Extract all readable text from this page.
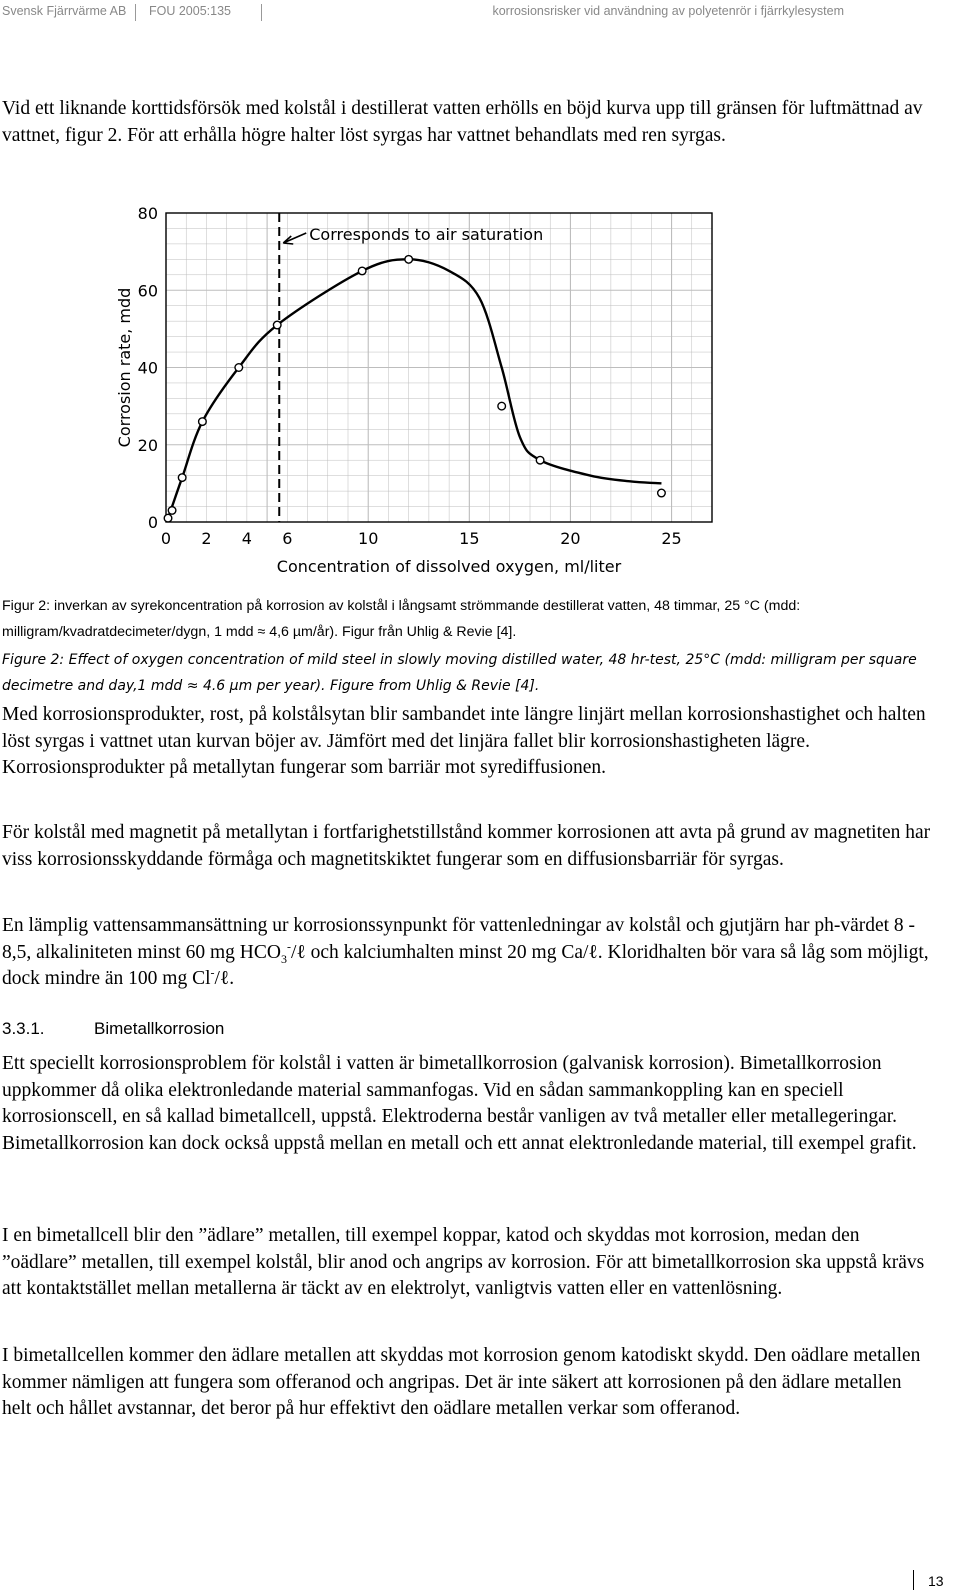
Svensk Fjärrvärme AB FOU 2005:135	korrosionsrisker vid användning av polyetenrör i fjärrkylesystem

Vid ett liknande korttidsförsök med kolstål i destillerat vatten erhölls en böjd kurva upp till gränsen för luftmättnad av vattnet, figur 2. För att erhålla högre halter löst syrgas har vattnet behandlats med ren syrgas.

Corresponds to air saturation
0
20
40
60
80
0 2 4 6	10	15	20	25
Concentration of dissolved oxygen, ml/liter
Corrosion rate, mdd
Figur 2: inverkan av syrekoncentration på korrosion av kolstål i långsamt strömmande destillerat vatten, 48 timmar, 25 °C (mdd: milligram/kvadratdecimeter/dygn, 1 mdd ≈ 4,6 µm/år). Figur från Uhlig & Revie [4].
Figure 2: Effect of oxygen concentration of mild steel in slowly moving distilled water, 48 hr-test, 25°C (mdd: milligram per square decimetre and day,1 mdd ≈ 4.6 µm per year). Figure from Uhlig & Revie [4].

Med korrosionsprodukter, rost, på kolstålsytan blir sambandet inte längre linjärt mellan korrosionshastighet och halten löst syrgas i vattnet utan kurvan böjer av. Jämfört med det linjära fallet blir korrosionshastigheten lägre. Korrosionsprodukter på metallytan fungerar som barriär mot syrediffusionen.

För kolstål med magnetit på metallytan i fortfarighetstillstånd kommer korrosionen att avta på grund av magnetiten har viss korrosionsskyddande förmåga och magnetitskiktet fungerar som en diffusionsbarriär för syrgas.

En lämplig vattensammansättning ur korrosionssynpunkt för vattenledningar av kolstål och gjutjärn har ph-värdet 8 - 8,5, alkaliniteten minst 60 mg $HCO_3^-/\ell$ och kalciumhalten minst 20 mg Ca/ℓ. Kloridhalten bör vara så låg som möjligt, dock mindre än 100 mg Cl-/ℓ.

3.3.1.	Bimetallkorrosion

Ett speciellt korrosionsproblem för kolstål i vatten är bimetallkorrosion (galvanisk korrosion). Bimetallkorrosion uppkommer då olika elektronledande material sammanfogas. Vid en sådan sammankoppling kan en speciell korrosionscell, en så kallad bimetallcell, uppstå. Elektroderna består vanligen av två metaller eller metallegeringar. Bimetallkorrosion kan dock också uppstå mellan en metall och ett annat elektronledande material, till exempel grafit.

I en bimetallcell blir den ”ädlare” metallen, till exempel koppar, katod och skyddas mot korrosion, medan den ”oädlare” metallen, till exempel kolstål, blir anod och angrips av korrosion. För att bimetallkorrosion ska uppstå krävs att kontaktstället mellan metallerna är täckt av en elektrolyt, vanligtvis vatten eller en vattenlösning.

I bimetallcellen kommer den ädlare metallen att skyddas mot korrosion genom katodiskt skydd. Den oädlare metallen kommer nämligen att fungera som offeranod och angripas. Det är inte säkert att korrosionen på den ädlare metallen helt och hållet avstannar, det beror på hur effektivt den oädlare metallen verkar som offeranod.

13
